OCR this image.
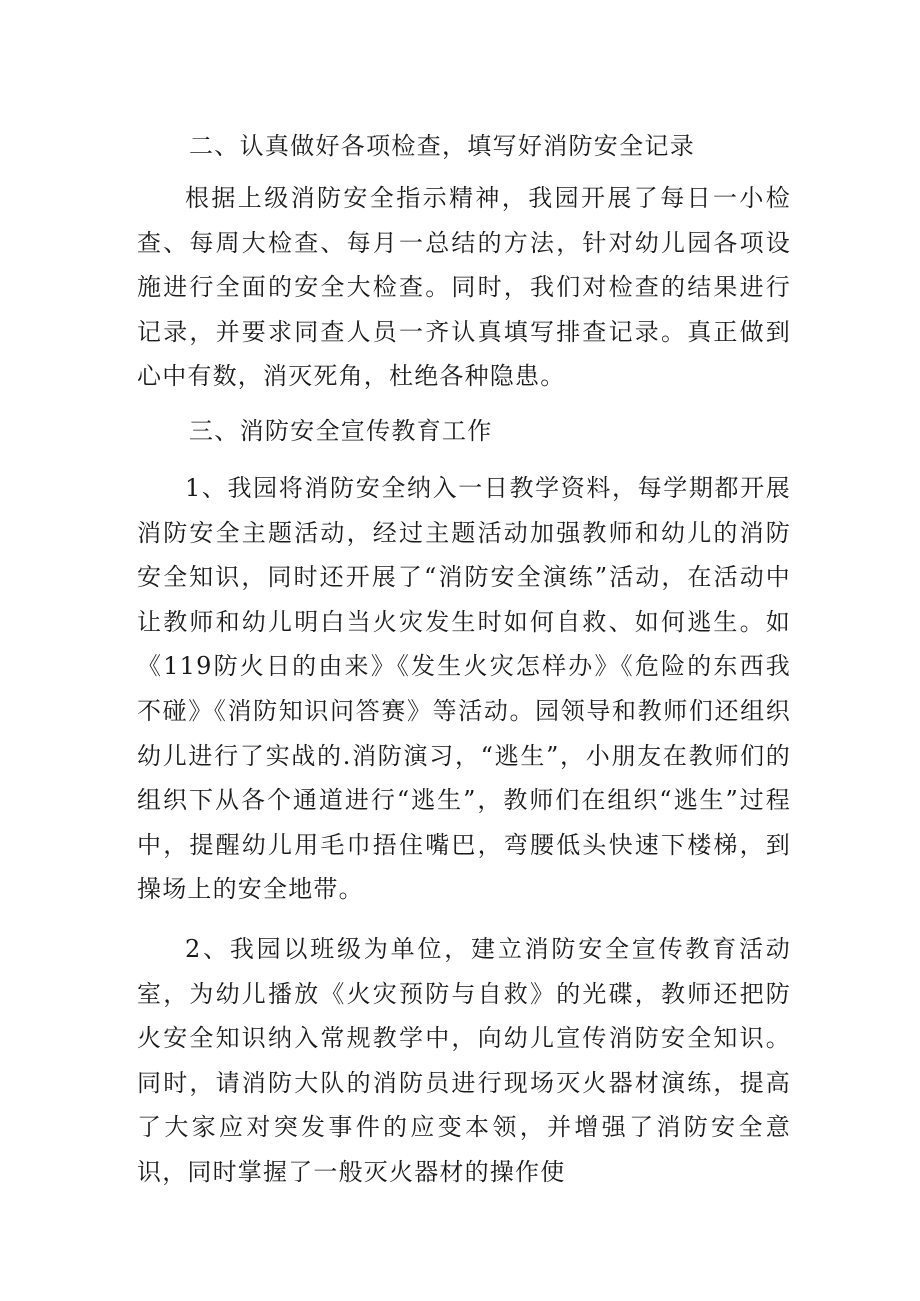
二、认真做好各项检查，填写好消防安全记录

根据上级消防安全指示精神，我园开展了每日一小检查、每周大检查、每月一总结的方法，针对幼儿园各项设施进行全面的安全大检查。同时，我们对检查的结果进行记录，并要求同查人员一齐认真填写排查记录。真正做到心中有数，消灭死角，杜绝各种隐患。

三、消防安全宣传教育工作

1、我园将消防安全纳入一日教学资料，每学期都开展消防安全主题活动，经过主题活动加强教师和幼儿的消防安全知识，同时还开展了“消防安全演练”活动，在活动中让教师和幼儿明白当火灾发生时如何自救、如何逃生。如《119防火日的由来》《发生火灾怎样办》《危险的东西我不碰》《消防知识问答赛》等活动。园领导和教师们还组织幼儿进行了实战的.消防演习，“逃生”，小朋友在教师们的组织下从各个通道进行“逃生”，教师们在组织“逃生”过程中，提醒幼儿用毛巾捂住嘴巴，弯腰低头快速下楼梯，到操场上的安全地带。

2、我园以班级为单位，建立消防安全宣传教育活动室，为幼儿播放《火灾预防与自救》的光碟，教师还把防火安全知识纳入常规教学中，向幼儿宣传消防安全知识。同时，请消防大队的消防员进行现场灭火器材演练，提高了大家应对突发事件的应变本领，并增强了消防安全意识，同时掌握了一般灭火器材的操作使
